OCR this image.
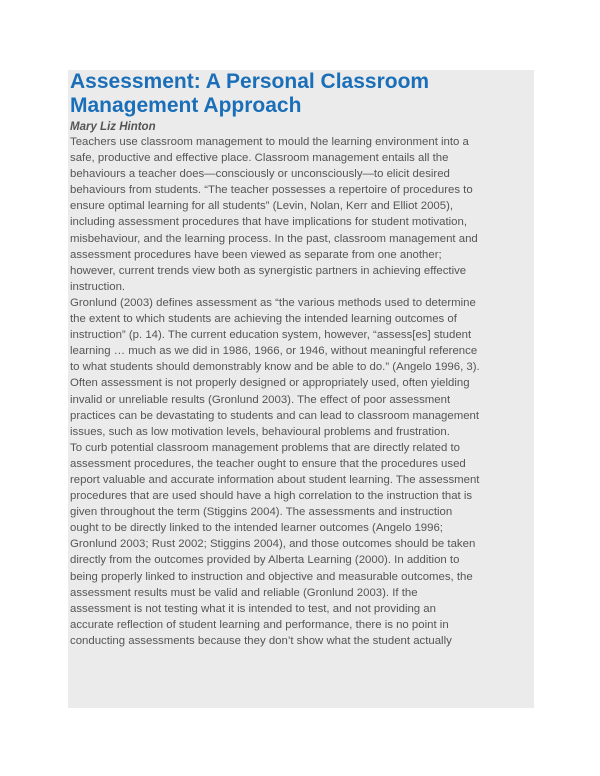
Assessment: A Personal Classroom
Management Approach
Mary Liz Hinton

Teachers use classroom management to mould the learning environment into a
safe, productive and effective place. Classroom management entails all the
behaviours a teacher does—consciously or unconsciously—to elicit desired
behaviours from students. “The teacher possesses a repertoire of procedures to
ensure optimal learning for all students” (Levin, Nolan, Kerr and Elliot 2005),
including assessment procedures that have implications for student motivation,
misbehaviour, and the learning process. In the past, classroom management and
assessment procedures have been viewed as separate from one another;
however, current trends view both as synergistic partners in achieving effective
instruction.

Gronlund (2003) defines assessment as “the various methods used to determine
the extent to which students are achieving the intended learning outcomes of
instruction” (p. 14). The current education system, however, “assess[es] student
learning … much as we did in 1986, 1966, or 1946, without meaningful reference
to what students should demonstrably know and be able to do.” (Angelo 1996, 3).
Often assessment is not properly designed or appropriately used, often yielding
invalid or unreliable results (Gronlund 2003). The effect of poor assessment
practices can be devastating to students and can lead to classroom management
issues, such as low motivation levels, behavioural problems and frustration.

To curb potential classroom management problems that are directly related to
assessment procedures, the teacher ought to ensure that the procedures used
report valuable and accurate information about student learning. The assessment
procedures that are used should have a high correlation to the instruction that is
given throughout the term (Stiggins 2004). The assessments and instruction
ought to be directly linked to the intended learner outcomes (Angelo 1996;
Gronlund 2003; Rust 2002; Stiggins 2004), and those outcomes should be taken
directly from the outcomes provided by Alberta Learning (2000). In addition to
being properly linked to instruction and objective and measurable outcomes, the
assessment results must be valid and reliable (Gronlund 2003). If the
assessment is not testing what it is intended to test, and not providing an
accurate reflection of student learning and performance, there is no point in
conducting assessments because they don’t show what the student actually
